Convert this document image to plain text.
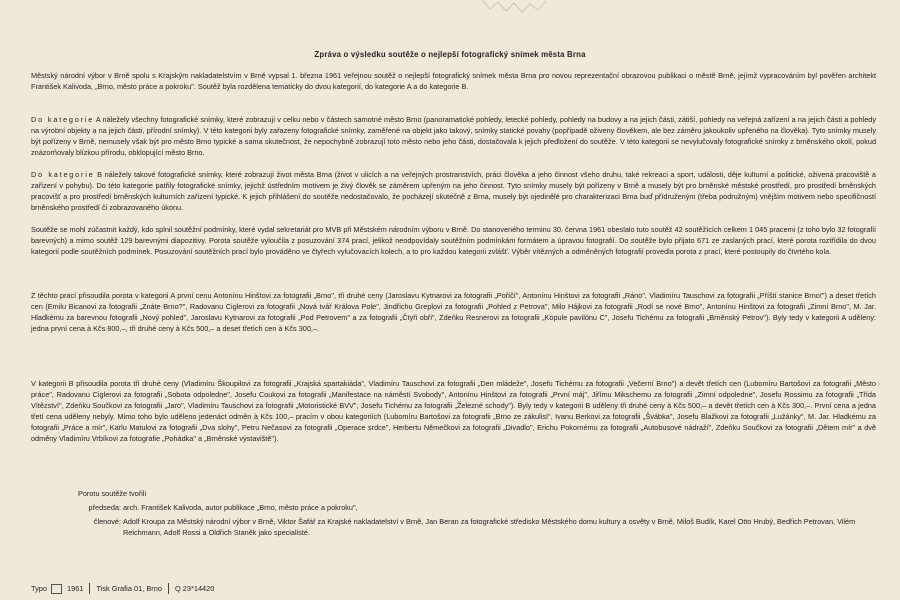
Zpráva o výsledku soutěže o nejlepší fotografický snímek města Brna

Městský národní výbor v Brně spolu s Krajským nakladatelstvím v Brně vypsal 1. března 1961 veřejnou soutěž o nejlepší fotografický snímek města Brna pro novou reprezentační obrazovou publikaci o městě Brně, jejímž vypracováním byl pověřen architekt František Kalivoda, „Brno, město práce a pokroku". Soutěž byla rozdělena tematicky do dvou kategorií, do kategorie A a do kategorie B.

Do kategorie A náležely všechny fotografické snímky, které zobrazují v celku nebo v částech samotné město Brno (panoramatické pohledy, letecké pohledy, pohledy na budovy a na jejich části, zátiší, pohledy na veřejná zařízení a na jejich části a pohledy na výrobní objekty a na jejich části, přírodní snímky). V této kategorii byly zařazeny fotografické snímky, zaměřené na objekt jako takový, snímky statické povahy (popřípadě oživeny člověkem, ale bez záměru jakoukoliv upřeného na člověka). Tyto snímky musely být pořízeny v Brně, nemusely však být pro město Brno typické a sama skutečnost, že nepochybně zobrazují toto město nebo jeho části, dostačovala k jejich předložení do soutěže. V této kategorii se nevylučovaly fotografické snímky z brněnského okolí, pokud znázorňovaly blízkou přírodu, obklopující město Brno.

Do kategorie B náležely takové fotografické snímky, které zobrazují život města Brna (život v ulicích a na veřejných prostranstvích, práci člověka a jeho činnost všeho druhu, také rekreaci a sport, události, děje kulturní a politické, oživená pracoviště a zařízení v pohybu). Do této kategorie patřily fotografické snímky, jejichž ústředním motivem je živý člověk se záměrem upřeným na jeho činnost. Tyto snímky musely být pořízeny v Brně a musely být pro brněnské městské prostředí, pro prostředí brněnských pracovišť a pro prostředí brněnských kulturních zařízení typické. K jejich přihlášení do soutěže nedostačovalo, že pocházejí skutečně z Brna, musely být ojedinělé pro charakterizaci Brna buď přídruženým (třeba podružným) vnějším motivem nebo specifičností brněnského prostředí či zobrazovaného úkonu.

Soutěže se mohl zúčastnit každý, kdo splnil soutěžní podmínky, které vydal sekretariát pro MVB při Městském národním výboru v Brně. Do stanoveného terminu 30. června 1961 obeslalo tuto soutěž 42 soutěžících celkem 1 045 pracemi (z toho bylo 32 fotografií barevných) a mimo soutěž 129 barevnými diapozitivy. Porota soutěže vyloučila z posuzování 374 prací, jelikož neodpovídaly soutěžním podmínkám formátem a úpravou fotografií. Do soutěže bylo přijato 671 ze zaslaných prací, které porota roztřídila do dvou kategorií podle soutěžních podmínek. Posuzování soutěžních prací bylo prováděno ve čtyřech vylučovacích kolech, a to pro každou kategorii zvlášť. Výběr vítězných a odměněných fotografií provedla porota z prací, které postoupily do čtvrtého kola.

Z těchto prací přisoudila porota v kategorii A první cenu Antonínu Hinštovi za fotografii „Brno", tři druhé ceny (Jaroslavu Kytnarovi za fotografii „Poříčí", Antonínu Hinštovi za fotografii „Ráno", Vladimíru Tauschovi za fotografii „Příští stanice Brno!") a deset třetích cen (Emilu Bicanovi za fotografii „Znáte Brno?", Radovanu Ciglerovi za fotografii „Nová tvář Králova Pole", Jindřichu Greplovi za fotografii „Pohled z Petrova", Milo Hájkovi za fotografii „Rodí se nové Brno", Antonínu Hinštovi za fotografii „Zimní Brno", M. Jar. Hladkému za barevnou fotografii „Nový pohled", Jaroslavu Kytnarovi za fotografii „Pod Petrovem" a za fotografii „Čtyři obři", Zdeňku Resnerovi za fotografii „Kopule pavilónu C", Josefu Tichému za fotografii „Brněnský Petrov"). Byly tedy v kategorii A uděleny: jedna první cena à Kčs 800,–, tři druhé ceny à Kčs 500,– a deset třetích cen à Kčs 300,–.

V kategorii B přisoudila porota tři druhé ceny (Vladimíru Škoupilovi za fotografii „Krajská spartakiáda", Vladimíru Tauschovi za fotografii „Den mládeže", Josefu Tichému za fotografii „Večerní Brno") a devět třetích cen (Lubomíru Bartošovi za fotografii „Město práce", Radovanu Ciglerovi za fotografii „Sobota odpoledne", Josefu Coukovi za fotografii „Manifestace na náměstí Svobody", Antonínu Hinštovi za fotografii „První máj", Jiřímu Mikschemu za fotografii „Zimní odpoledne", Josefu Rossimu za fotografii „Třída Vítězství", Zdeňku Součkovi za fotografii „Jaro", Vladimíru Tauschovi za fotografii „Motoristické BVV", Josefu Tichému za fotografii „Železné schody"). Byly tedy v kategorii B uděleny tři druhé ceny à Kčs 500,– a devět třetích cen à Kčs 300,–. První cena a jedna třetí cena uděleny nebyly. Mimo toho bylo uděleno jedenáct odměn à Kčs 100,– pracím v obou kategoriích (Lubomíru Bartošovi za fotografii „Brno ze zákulisí", Ivanu Berkovi za fotografii „Švábka", Josefu Blažkovi za fotografii „Lužánky", M. Jar. Hladkému za fotografii „Práce a mír", Karlu Matulovi za fotografii „Dva slohy", Petru Nečasovi za fotografii „Operace srdce", Herbertu Němečkovi za fotografii „Divadlo", Erichu Pokornému za fotografii „Autobusové nádraží", Zdeňku Součkovi za fotografii „Dětem mír" a dvě odměny Vladimíru Vrbíkovi za fotografie „Pohádka" a „Brněnské výstaviště").

Porotu soutěže tvořili
předseda: arch. František Kalivoda, autor publikace „Brno, město práce a pokroku",
členové: Adolf Kroupa za Městský národní výbor v Brně, Viktor Šafář za Krajské nakladatelství v Brně, Jan Beran za fotografické středisko Městského domu kultury a osvěty v Brně, Miloš Budík, Karel Otto Hrubý, Bedřich Petrovan, Vilém Reichmann, Adolf Rossi a Oldřich Staněk jako specialisté.
Typo	1961 Tisk Grafia 01, Brno Q 23*14420
